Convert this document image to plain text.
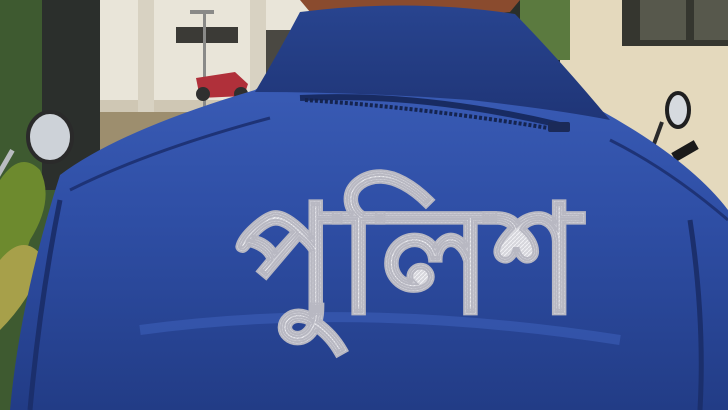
পুলিশ
